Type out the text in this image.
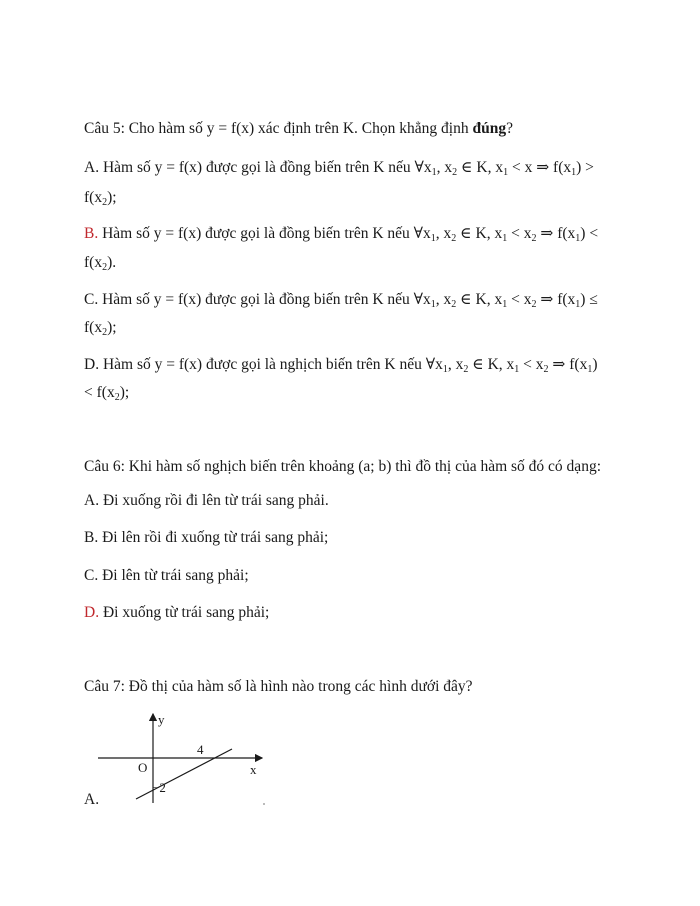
Câu 5: Cho hàm số y = f(x) xác định trên K. Chọn khẳng định đúng?
A. Hàm số y = f(x) được gọi là đồng biến trên K nếu $\forall x_1$, $x_2$ ∈ K, $x_1 < x$ ⇒ $f(x_1)$ >
$f(x_2)$;
B. Hàm số y = f(x) được gọi là đồng biến trên K nếu $\forall x_1$, $x_2$ ∈ K, $x_1 < x_2$ ⇒ $f(x_1)$ <
$f(x_2)$.
C. Hàm số y = f(x) được gọi là đồng biến trên K nếu $\forall x_1$, $x_2$ ∈ K, $x_1 < x_2$ ⇒ $f(x_1)$ ≤
$f(x_2)$;
D. Hàm số y = f(x) được gọi là nghịch biến trên K nếu $\forall x_1$, $x_2$ ∈ K, $x_1 < x_2$ ⇒ $f(x_1)$
< $f(x_2)$;
Câu 6: Khi hàm số nghịch biến trên khoảng (a; b) thì đồ thị của hàm số đó có dạng:
A. Đi xuống rồi đi lên từ trái sang phải.
B. Đi lên rồi đi xuống từ trái sang phải;
C. Đi lên từ trái sang phải;
D. Đi xuống từ trái sang phải;
Câu 7: Đồ thị của hàm số là hình nào trong các hình dưới đây?
y
x
O
4
−2
A.
